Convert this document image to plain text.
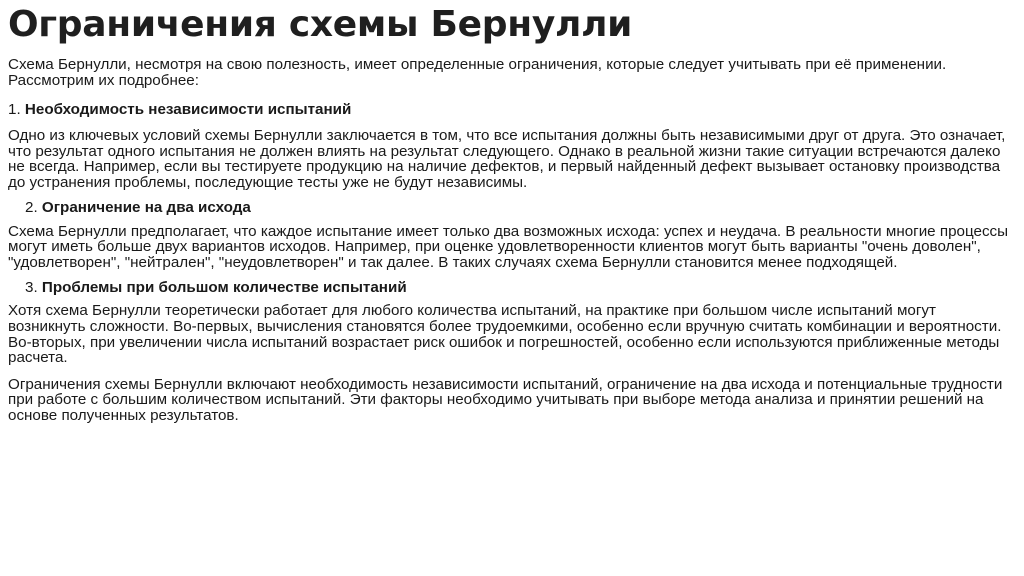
Ограничения схемы Бернулли

Схема Бернулли, несмотря на свою полезность, имеет определенные ограничения, которые следует учитывать при её применении. Рассмотрим их подробнее:

1. Необходимость независимости испытаний

Одно из ключевых условий схемы Бернулли заключается в том, что все испытания должны быть независимыми друг от друга. Это означает, что результат одного испытания не должен влиять на результат следующего. Однако в реальной жизни такие ситуации встречаются далеко не всегда. Например, если вы тестируете продукцию на наличие дефектов, и первый найденный дефект вызывает остановку производства до устранения проблемы, последующие тесты уже не будут независимы.

2. Ограничение на два исхода

Схема Бернулли предполагает, что каждое испытание имеет только два возможных исхода: успех и неудача. В реальности многие процессы могут иметь больше двух вариантов исходов. Например, при оценке удовлетворенности клиентов могут быть варианты "очень доволен", "удовлетворен", "нейтрален", "неудовлетворен" и так далее. В таких случаях схема Бернулли становится менее подходящей.

3. Проблемы при большом количестве испытаний

Хотя схема Бернулли теоретически работает для любого количества испытаний, на практике при большом числе испытаний могут возникнуть сложности. Во-первых, вычисления становятся более трудоемкими, особенно если вручную считать комбинации и вероятности. Во-вторых, при увеличении числа испытаний возрастает риск ошибок и погрешностей, особенно если используются приближенные методы расчета.

Ограничения схемы Бернулли включают необходимость независимости испытаний, ограничение на два исхода и потенциальные трудности при работе с большим количеством испытаний. Эти факторы необходимо учитывать при выборе метода анализа и принятии решений на основе полученных результатов.
